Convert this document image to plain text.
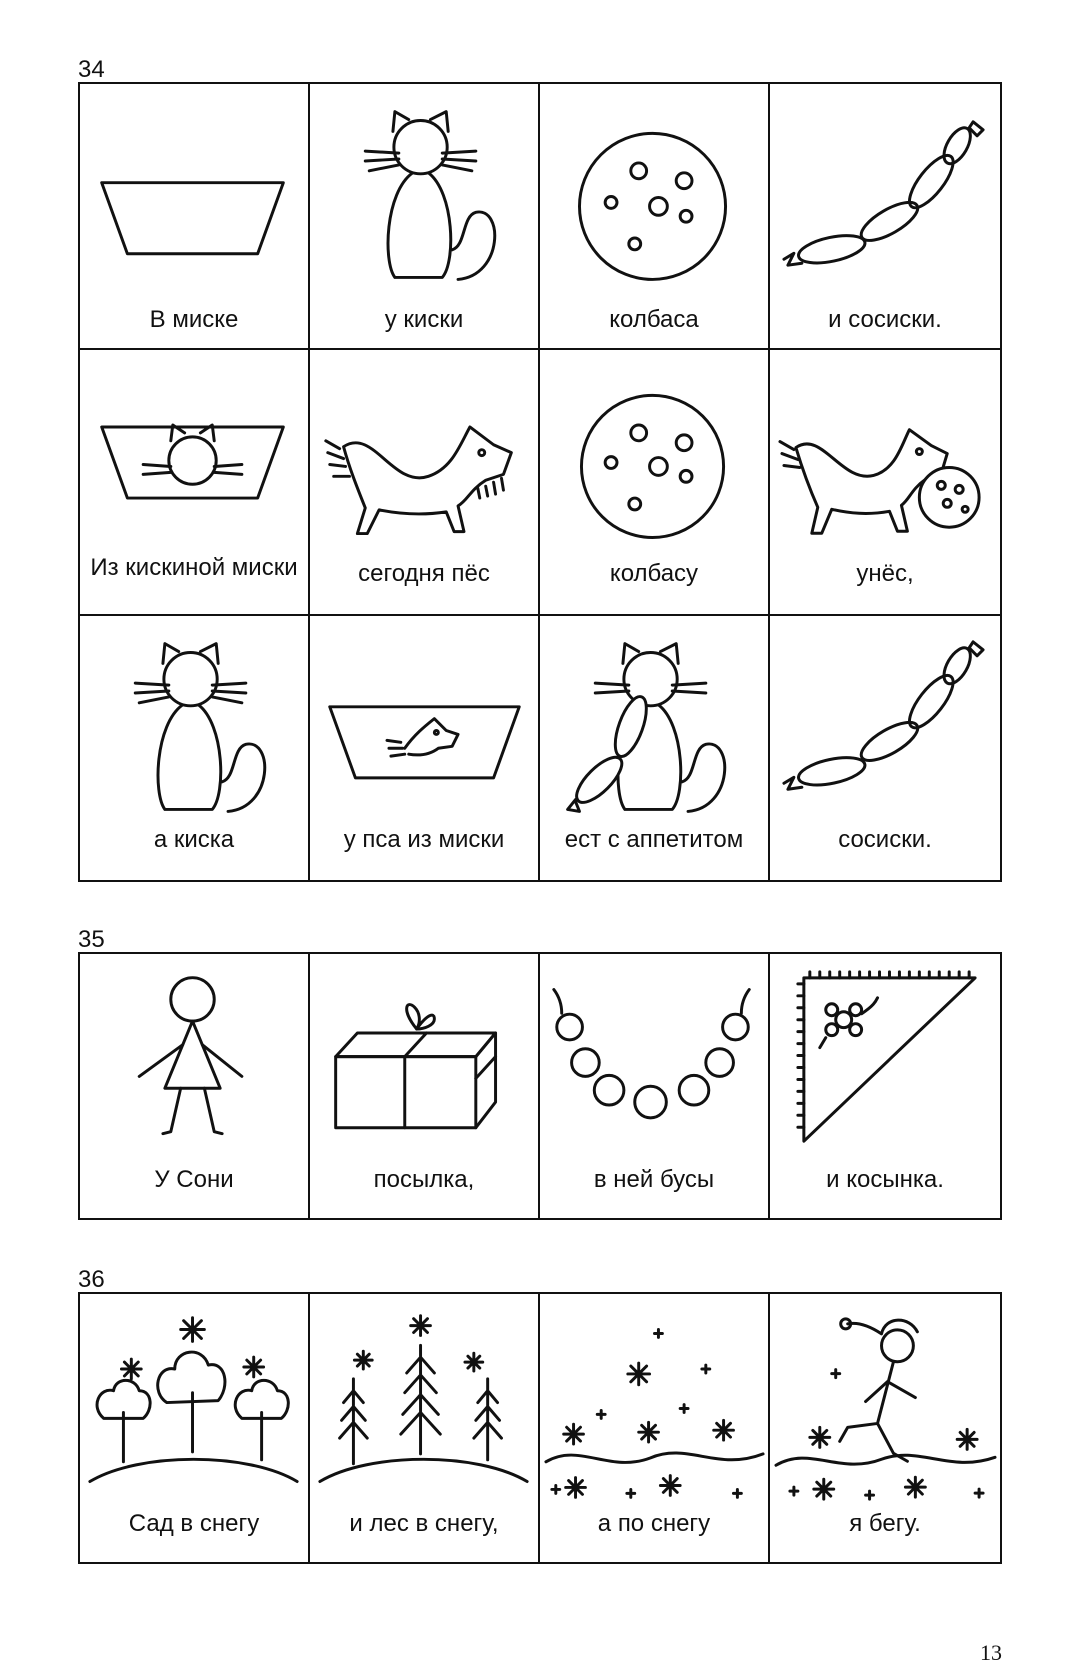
34
В миске	у киски	колбаса	и сосиски.
Из кискиной миски	сегодня пёс	колбасу	унёс,
а киска	у пса из миски	ест с аппетитом	сосиски.
35
У Сони	посылка,	в ней бусы	и косынка.
36
Сад в снегу	и лес в снегу,	а по снегу	я бегу.
13
